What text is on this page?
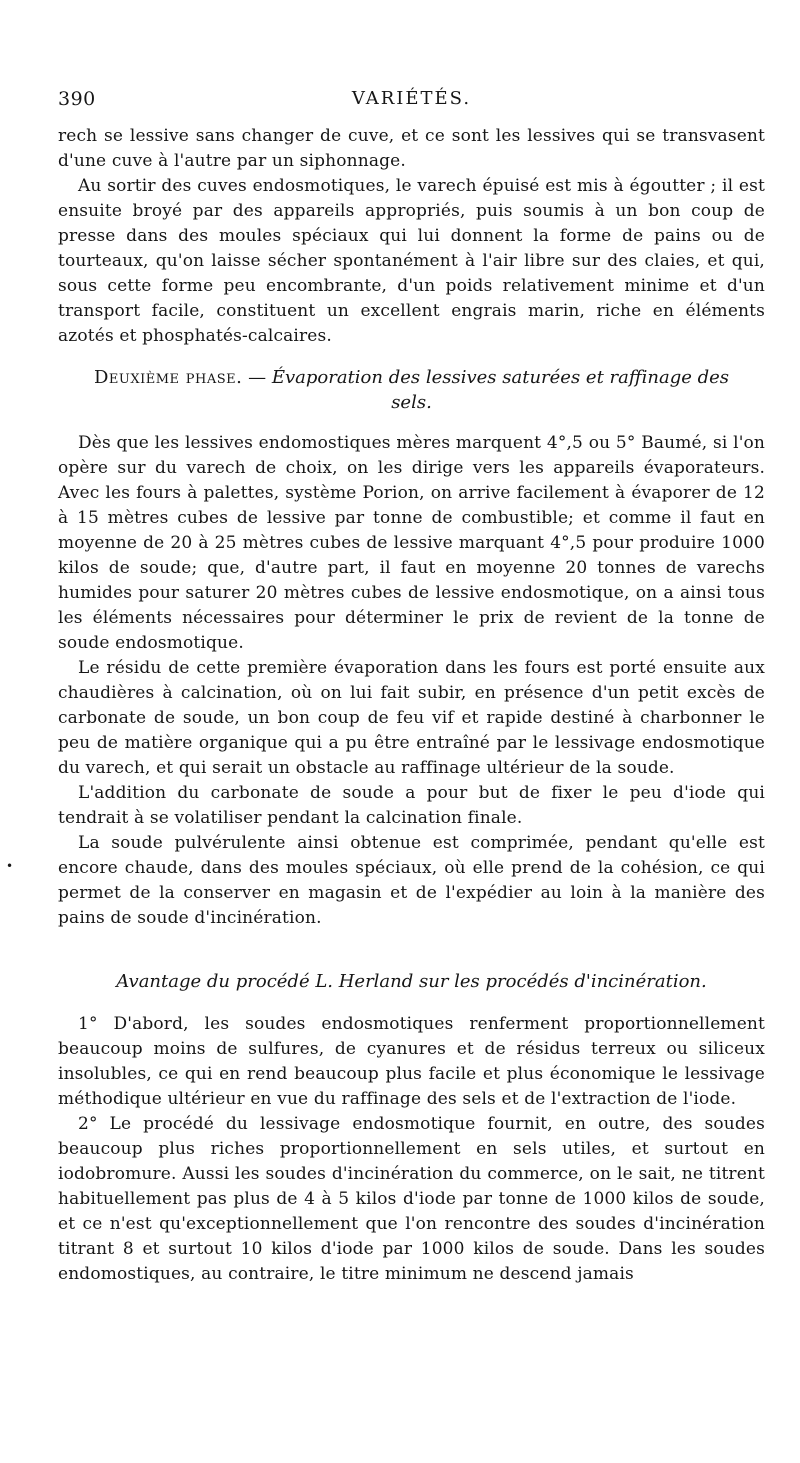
390	VARIÉTÉS.

rech se lessive sans changer de cuve, et ce sont les lessives qui se transvasent d'une cuve à l'autre par un siphonnage.

Au sortir des cuves endosmotiques, le varech épuisé est mis à égoutter ; il est ensuite broyé par des appareils appropriés, puis soumis à un bon coup de presse dans des moules spéciaux qui lui donnent la forme de pains ou de tourteaux, qu'on laisse sécher spontanément à l'air libre sur des claies, et qui, sous cette forme peu encombrante, d'un poids relativement minime et d'un transport facile, constituent un excellent engrais marin, riche en éléments azotés et phosphatés-calcaires.

Deuxième phase. — Évaporation des lessives saturées et raffinage des sels.

Dès que les lessives endomostiques mères marquent 4°,5 ou 5° Baumé, si l'on opère sur du varech de choix, on les dirige vers les appareils évaporateurs. Avec les fours à palettes, système Porion, on arrive facilement à évaporer de 12 à 15 mètres cubes de lessive par tonne de combustible; et comme il faut en moyenne de 20 à 25 mètres cubes de lessive marquant 4°,5 pour produire 1000 kilos de soude; que, d'autre part, il faut en moyenne 20 tonnes de varechs humides pour saturer 20 mètres cubes de lessive endosmotique, on a ainsi tous les éléments nécessaires pour déterminer le prix de revient de la tonne de soude endosmotique.

Le résidu de cette première évaporation dans les fours est porté ensuite aux chaudières à calcination, où on lui fait subir, en présence d'un petit excès de carbonate de soude, un bon coup de feu vif et rapide destiné à charbonner le peu de matière organique qui a pu être entraîné par le lessivage endosmotique du varech, et qui serait un obstacle au raffinage ultérieur de la soude.

L'addition du carbonate de soude a pour but de fixer le peu d'iode qui tendrait à se volatiliser pendant la calcination finale.

La soude pulvérulente ainsi obtenue est comprimée, pendant qu'elle est encore chaude, dans des moules spéciaux, où elle prend de la cohésion, ce qui permet de la conserver en magasin et de l'expédier au loin à la manière des pains de soude d'incinération.

Avantage du procédé L. Herland sur les procédés d'incinération.

1° D'abord, les soudes endosmotiques renferment proportionnellement beaucoup moins de sulfures, de cyanures et de résidus terreux ou siliceux insolubles, ce qui en rend beaucoup plus facile et plus économique le lessivage méthodique ultérieur en vue du raffinage des sels et de l'extraction de l'iode.

2° Le procédé du lessivage endosmotique fournit, en outre, des soudes beaucoup plus riches proportionnellement en sels utiles, et surtout en iodobromure. Aussi les soudes d'incinération du commerce, on le sait, ne titrent habituellement pas plus de 4 à 5 kilos d'iode par tonne de 1000 kilos de soude, et ce n'est qu'exceptionnellement que l'on rencontre des soudes d'incinération titrant 8 et surtout 10 kilos d'iode par 1000 kilos de soude. Dans les soudes endomostiques, au contraire, le titre minimum ne descend jamais

•
